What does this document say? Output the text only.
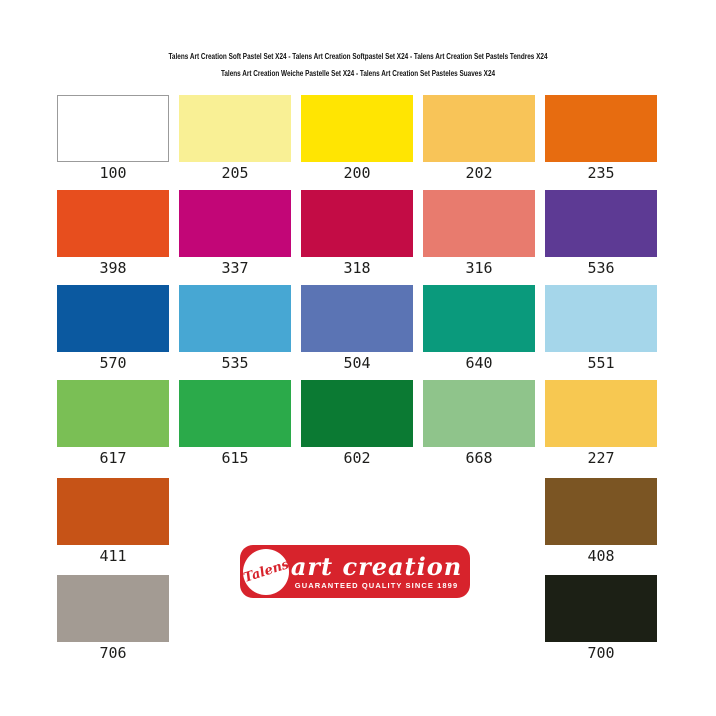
Talens Art Creation Soft Pastel Set X24 - Talens Art Creation Softpastel Set X24 - Talens Art Creation Set Pastels Tendres X24
Talens Art Creation Weiche Pastelle Set X24 - Talens Art Creation Set Pasteles Suaves X24
100	205	200	202	235
398	337	318	316	536
570	535	504	640	551
617	615	602	668	227
411	408
706	700
Talens art creation
GUARANTEED QUALITY SINCE 1899
